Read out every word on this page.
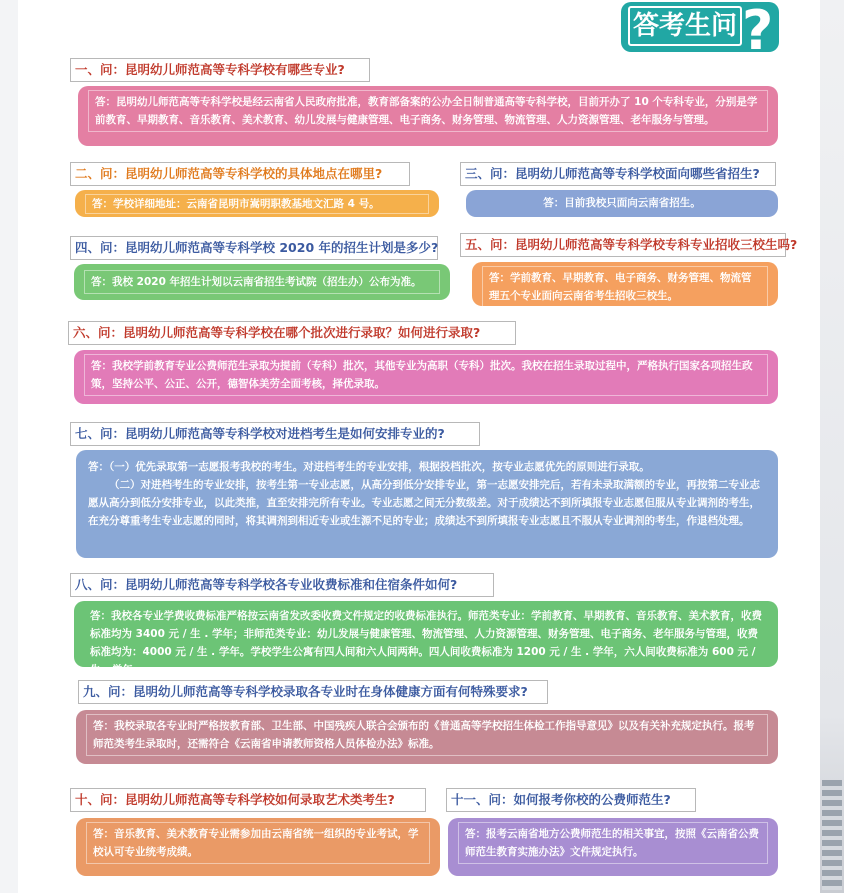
答考生问 ?
一、问：昆明幼儿师范高等专科学校有哪些专业?
答：昆明幼儿师范高等专科学校是经云南省人民政府批准，教育部备案的公办全日制普通高等专科学校，目前开办了 10 个专科专业，分别是学前教育、早期教育、音乐教育、美术教育、幼儿发展与健康管理、电子商务、财务管理、物流管理、人力资源管理、老年服务与管理。
二、问：昆明幼儿师范高等专科学校的具体地点在哪里?
答：学校详细地址：云南省昆明市嵩明职教基地文汇路 4 号。
三、问：昆明幼儿师范高等专科学校面向哪些省招生?
答：目前我校只面向云南省招生。
四、问：昆明幼儿师范高等专科学校 2020 年的招生计划是多少?
答：我校 2020 年招生计划以云南省招生考试院（招生办）公布为准。
五、问：昆明幼儿师范高等专科学校专科专业招收三校生吗?
答：学前教育、早期教育、电子商务、财务管理、物流管理五个专业面向云南省考生招收三校生。
六、问：昆明幼儿师范高等专科学校在哪个批次进行录取？如何进行录取?
答：我校学前教育专业公费师范生录取为提前（专科）批次，其他专业为高职（专科）批次。我校在招生录取过程中，严格执行国家各项招生政策，坚持公平、公正、公开，德智体美劳全面考核，择优录取。
七、问：昆明幼儿师范高等专科学校对进档考生是如何安排专业的?
答：（一）优先录取第一志愿报考我校的考生。对进档考生的专业安排，根据投档批次，按专业志愿优先的原则进行录取。
（二）对进档考生的专业安排，按考生第一专业志愿，从高分到低分安排专业，第一志愿安排完后，若有未录取满额的专业，再按第二专业志愿从高分到低分安排专业，以此类推，直至安排完所有专业。专业志愿之间无分数级差。对于成绩达不到所填报专业志愿但服从专业调剂的考生，在充分尊重考生专业志愿的同时，将其调剂到相近专业或生源不足的专业；成绩达不到所填报专业志愿且不服从专业调剂的考生，作退档处理。
八、问：昆明幼儿师范高等专科学校各专业收费标准和住宿条件如何?
答：我校各专业学费收费标准严格按云南省发改委收费文件规定的收费标准执行。师范类专业：学前教育、早期教育、音乐教育、美术教育，收费标准均为 3400 元 / 生 . 学年；非师范类专业：幼儿发展与健康管理、物流管理、人力资源管理、财务管理、电子商务、老年服务与管理，收费标准均为：4000 元 / 生 . 学年。学校学生公寓有四人间和六人间两种。四人间收费标准为 1200 元 / 生 . 学年，六人间收费标准为 600 元 / 生 . 学年。
九、问：昆明幼儿师范高等专科学校录取各专业时在身体健康方面有何特殊要求?
答：我校录取各专业时严格按教育部、卫生部、中国残疾人联合会颁布的《普通高等学校招生体检工作指导意见》以及有关补充规定执行。报考师范类考生录取时，还需符合《云南省申请教师资格人员体检办法》标准。
十、问：昆明幼儿师范高等专科学校如何录取艺术类考生?
答：音乐教育、美术教育专业需参加由云南省统一组织的专业考试，学校认可专业统考成绩。
十一、问：如何报考你校的公费师范生?
答：报考云南省地方公费师范生的相关事宜，按照《云南省公费师范生教育实施办法》文件规定执行。
